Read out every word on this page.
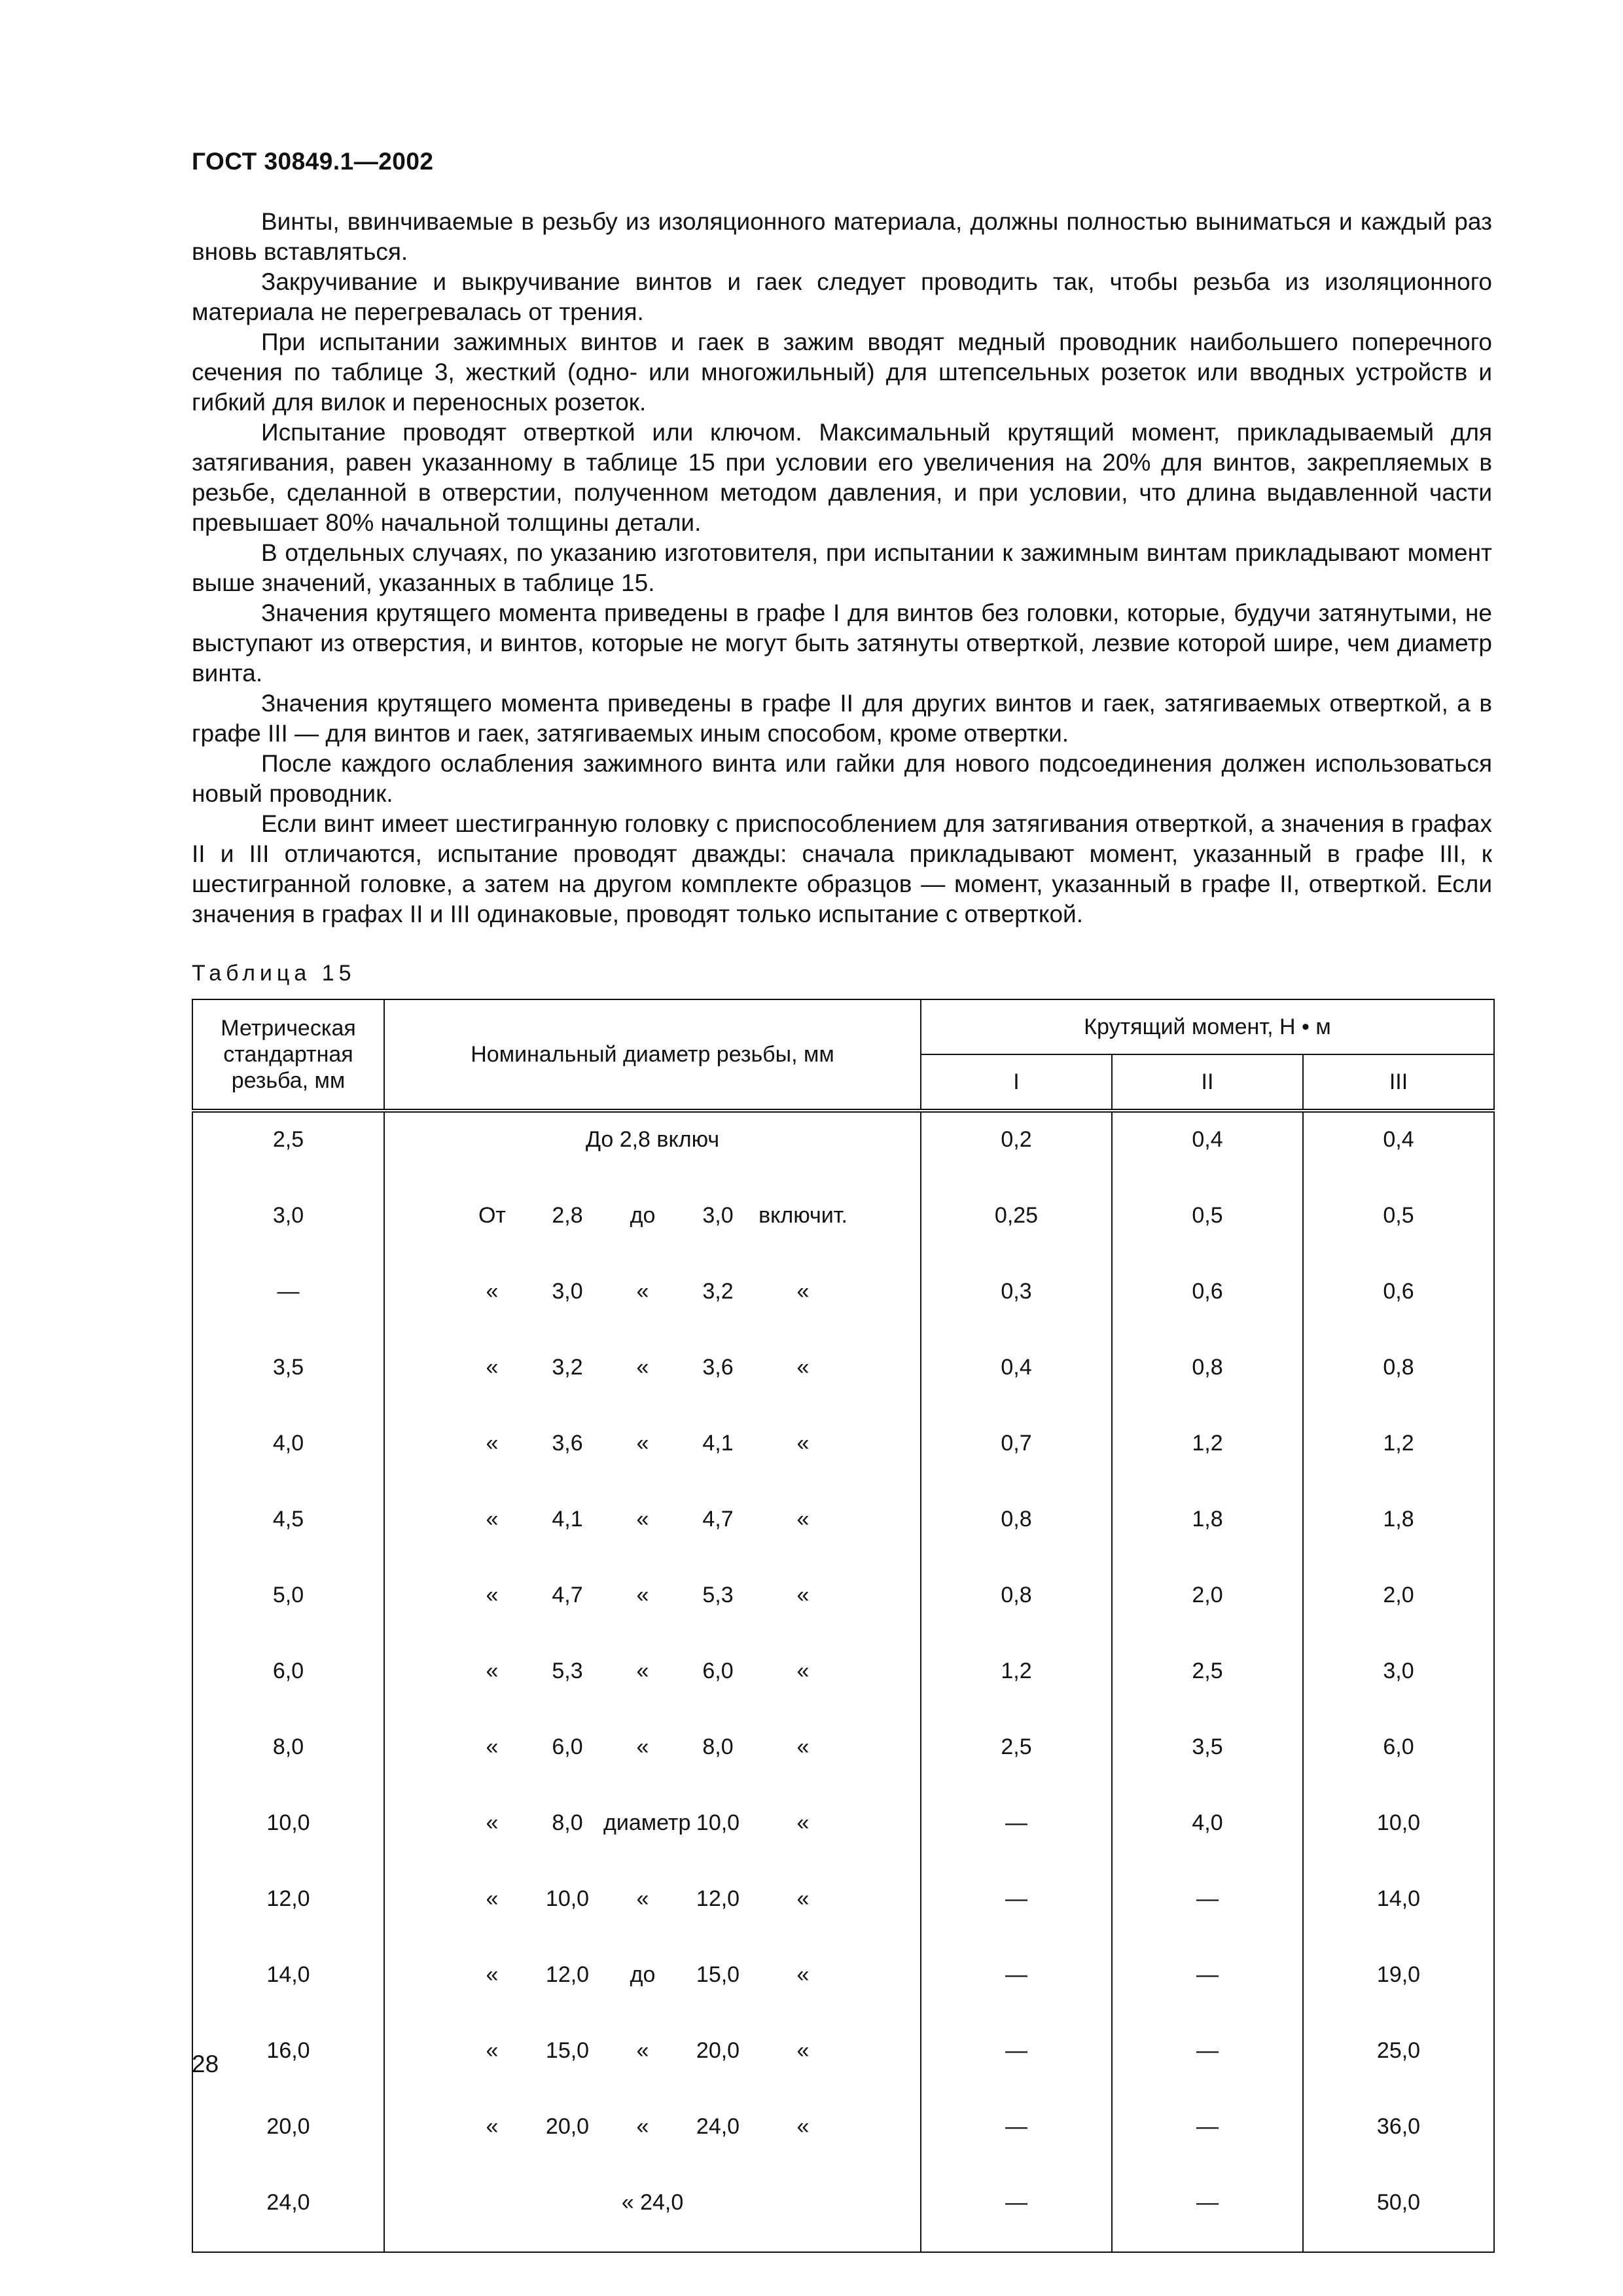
ГОСТ 30849.1—2002

Винты, ввинчиваемые в резьбу из изоляционного материала, должны полностью выниматься и каждый раз вновь вставляться.

Закручивание и выкручивание винтов и гаек следует проводить так, чтобы резьба из изоляционного материала не перегревалась от трения.

При испытании зажимных винтов и гаек в зажим вводят медный проводник наибольшего поперечного сечения по таблице 3, жесткий (одно- или многожильный) для штепсельных розеток или вводных устройств и гибкий для вилок и переносных розеток.

Испытание проводят отверткой или ключом. Максимальный крутящий момент, прикладываемый для затягивания, равен указанному в таблице 15 при условии его увеличения на 20% для винтов, закрепляемых в резьбе, сделанной в отверстии, полученном методом давления, и при условии, что длина выдавленной части превышает 80% начальной толщины детали.

В отдельных случаях, по указанию изготовителя, при испытании к зажимным винтам прикладывают момент выше значений, указанных в таблице 15.

Значения крутящего момента приведены в графе I для винтов без головки, которые, будучи затянутыми, не выступают из отверстия, и винтов, которые не могут быть затянуты отверткой, лезвие которой шире, чем диаметр винта.

Значения крутящего момента приведены в графе II для других винтов и гаек, затягиваемых отверткой, а в графе III — для винтов и гаек, затягиваемых иным способом, кроме отвертки.

После каждого ослабления зажимного винта или гайки для нового подсоединения должен использоваться новый проводник.

Если винт имеет шестигранную головку с приспособлением для затягивания отверткой, а значения в графах II и III отличаются, испытание проводят дважды: сначала прикладывают момент, указанный в графе III, к шестигранной головке, а затем на другом комплекте образцов — момент, указанный в графе II, отверткой. Если значения в графах II и III одинаковые, проводят только испытание с отверткой.

Таблица 15
Метрическая стандартная резьба, мм	Номинальный диаметр резьбы, мм	Крутящий момент, Н • м		
		I	II	III
2,5	До 2,8 включ	0,2	0,4	0,4
3,0	От 2,8 до 3,0 включит.	0,25	0,5	0,5
—	« 3,0 « 3,2 «	0,3	0,6	0,6
3,5	« 3,2 « 3,6 «	0,4	0,8	0,8
4,0	« 3,6 « 4,1 «	0,7	1,2	1,2
4,5	« 4,1 « 4,7 «	0,8	1,8	1,8
5,0	« 4,7 « 5,3 «	0,8	2,0	2,0
6,0	« 5,3 « 6,0 «	1,2	2,5	3,0
8,0	« 6,0 « 8,0 «	2,5	3,5	6,0
10,0	« 8,0 диаметр 10,0 «	—	4,0	10,0
12,0	« 10,0 « 12,0 «	—	—	14,0
14,0	« 12,0 до 15,0 «	—	—	19,0
16,0	« 15,0 « 20,0 «	—	—	25,0
20,0	« 20,0 « 24,0 «	—	—	36,0
24,0	« 24,0	—	—	50,0
28
